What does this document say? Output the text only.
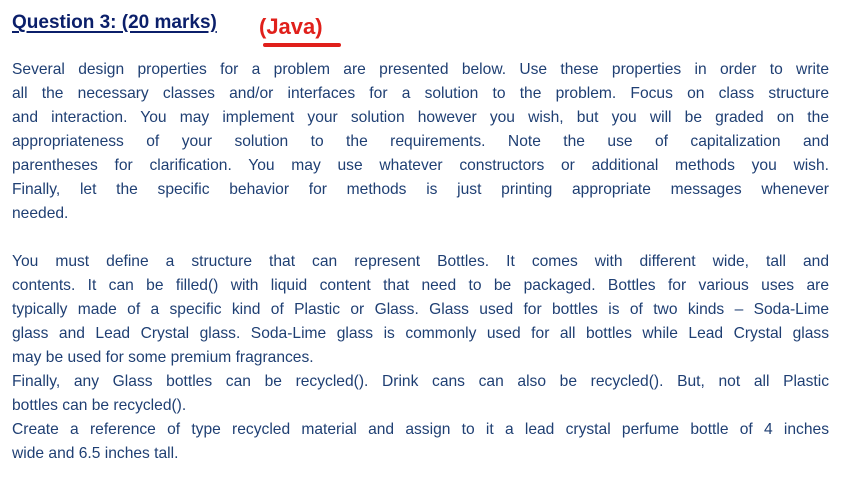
Question 3: (20 marks) (Java)
Several design properties for a problem are presented below. Use these properties in order to write
all the necessary classes and/or interfaces for a solution to the problem. Focus on class structure
and interaction. You may implement your solution however you wish, but you will be graded on the
appropriateness of your solution to the requirements. Note the use of capitalization and
parentheses for clarification. You may use whatever constructors or additional methods you wish.
Finally, let the specific behavior for methods is just printing appropriate messages whenever
needed.
You must define a structure that can represent Bottles. It comes with different wide, tall and
contents. It can be filled() with liquid content that need to be packaged. Bottles for various uses are
typically made of a specific kind of Plastic or Glass. Glass used for bottles is of two kinds – Soda-Lime
glass and Lead Crystal glass. Soda-Lime glass is commonly used for all bottles while Lead Crystal glass
may be used for some premium fragrances.
Finally, any Glass bottles can be recycled(). Drink cans can also be recycled(). But, not all Plastic
bottles can be recycled().
Create a reference of type recycled material and assign to it a lead crystal perfume bottle of 4 inches
wide and 6.5 inches tall.
